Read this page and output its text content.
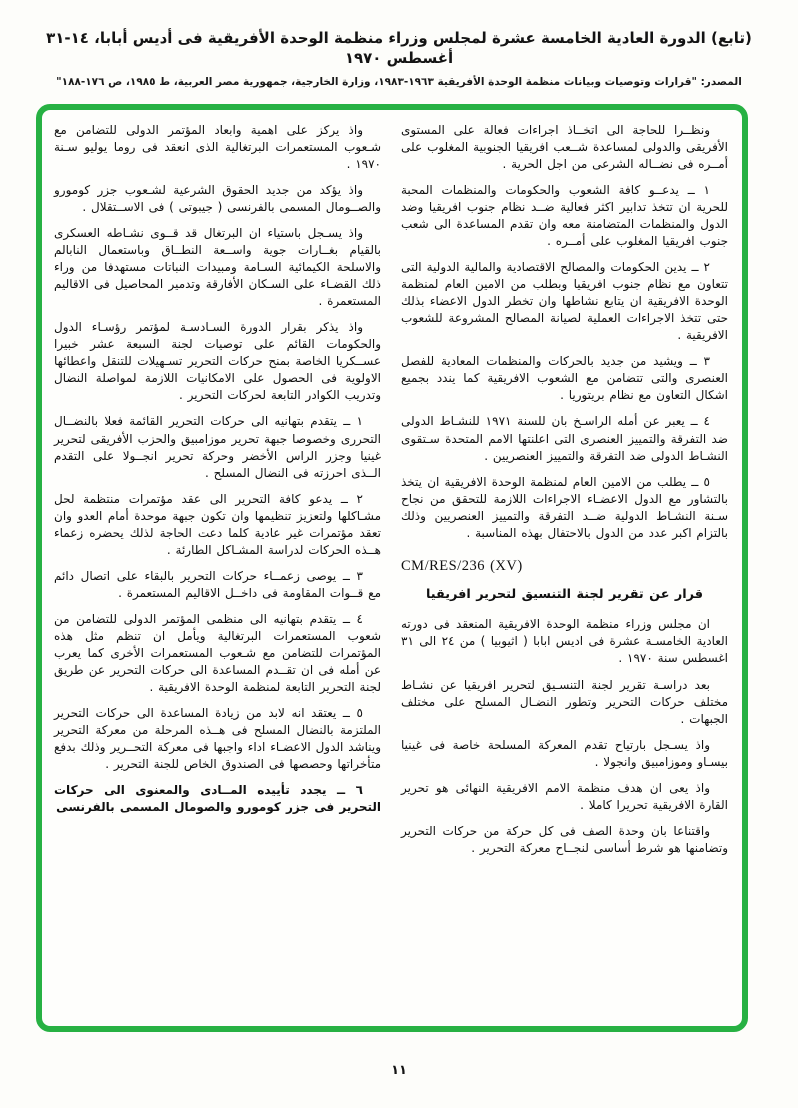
(تابع) الدورة العادية الخامسة عشرة لمجلس وزراء منظمة الوحدة الأفريقية فى أديس أبابا، ١٤-٣١ أغسطس ١٩٧٠
المصدر: "قرارات وتوصيات وبيانات منظمة الوحدة الأفريقية ١٩٦٣-١٩٨٣، وزارة الخارجية، جمهورية مصر العربية، ط ١٩٨٥، ص ١٧٦-١٨٨"

ونظــرا للحاجة الى اتخــاذ اجراءات فعالة على المستوى الأفريقى والدولى لمساعدة شــعب افريقيا الجنوبية المغلوب على أمــره فى نضــاله الشرعى من اجل الحرية .

١ ــ يدعــو كافة الشعوب والحكومات والمنظمات المحبة للحرية ان تتخذ تدابير اكثر فعالية ضــد نظام جنوب افريقيا وضد الدول والمنظمات المتضامنة معه وان تقدم المساعدة الى شعب جنوب افريقيا المغلوب على أمــره .

٢ ــ يدين الحكومات والمصالح الاقتصادية والمالية الدولية التى تتعاون مع نظام جنوب افريقيا وبطلب من الامين العام لمنظمة الوحدة الافريقية ان يتابع نشاطها وان تخطر الدول الاعضاء بذلك حتى تتخذ الاجراءات العملية لصيانة المصالح المشروعة للشعوب الافريقية .

٣ ــ ويشيد من جديد بالحركات والمنظمات المعادية للفصل العنصرى والتى تتضامن مع الشعوب الافريقية كما يندد بجميع اشكال التعاون مع نظام بريتوريا .

٤ ــ يعبر عن أمله الراسـخ بان للسنة ١٩٧١ للنشـاط الدولى ضد التفرقة والتمييز العنصرى التى اعلنتها الامم المتحدة سـتقوى النشـاط الدولى ضد التفرقة والتمييز العنصريين .

٥ ــ يطلب من الامين العام لمنظمة الوحدة الافريقية ان يتخذ بالتشاور مع الدول الاعضـاء الاجراءات اللازمة للتحقق من نجاح سـنة النشـاط الدولية ضــد التفرقة والتمييز العنصريين وذلك بالتزام اكبر عدد من الدول بالاحتفال بهذه المناسبة .

CM/RES/236 (XV)

قرار عن تقرير لجنة التنسيق لتحرير افريقيا

ان مجلس وزراء منظمة الوحدة الافريقية المنعقد فى دورته العادية الخامسـة عشرة فى اديس ابابا ( اثيوبيا ) من ٢٤ الى ٣١ اغسطس سنة ١٩٧٠ .

بعد دراسـة تقرير لجنة التنسـيق لتحرير افريقيا عن نشـاط مختلف حركات التحرير وتطور النضـال المسلح على مختلف الجبهات .

واذ يسـجل بارتياح تقدم المعركة المسلحة خاصة فى غينيا بيسـاو وموزامبيق وانجولا .

واذ يعى ان هدف منظمة الامم الافريقية النهائى هو تحرير القارة الافريقية تحريرا كاملا .

واقتناعا بان وحدة الصف فى كل حركة من حركات التحرير وتضامنها هو شرط أساسى لنجــاح معركة التحرير .

واذ يركز على اهمية وابعاد المؤتمر الدولى للتضامن مع شـعوب المستعمرات البرتغالية الذى انعقد فى روما يوليو سـنة ١٩٧٠ .

واذ يؤكد من جديد الحقوق الشرعية لشـعوب جزر كومورو والصــومال المسمى بالفرنسى ( جيبوتى ) فى الاســتقلال .

واذ يسـجل باستياء ان البرتغال قد قــوى نشـاطه العسكرى بالقيام بغــارات جوية واســعة النطــاق وباستعمال النابالم والاسلحة الكيمائية السـامة ومبيدات النباتات مستهدفا من وراء ذلك القضـاء على السـكان الأفارقة وتدمير المحاصيل فى الاقاليم المستعمرة .

واذ يذكر بقرار الدورة السـادسـة لمؤتمر رؤسـاء الدول والحكومات القائم على توصيات لجنة السبعة عشر خبيرا عســكريا الخاصة بمنح حركات التحرير تسـهيلات للتنقل واعطائها الاولوية فى الحصول على الامكانيات اللازمة لمواصلة النضال وتدريب الكوادر التابعة لحركات التحرير .

١ ــ يتقدم بتهانيه الى حركات التحرير القائمة فعلا بالنضــال التحررى وخصوصا جبهة تحرير موزامبيق والحزب الأفريقى لتحرير غينيا وجزر الراس الأخضر وحركة تحرير انجــولا على التقدم الــذى احرزته فى النضال المسلح .

٢ ــ يدعو كافة التحرير الى عقد مؤتمرات منتظمة لحل مشـاكلها ولتعزيز تنظيمها وان تكون جبهة موحدة أمام العدو وان تعقد مؤتمرات غير عادية كلما دعت الحاجة لذلك يحضره زعماء هــذه الحركات لدراسة المشـاكل الطارئة .

٣ ــ يوصى زعمــاء حركات التحرير بالبقاء على اتصال دائم مع قــوات المقاومة فى داخــل الاقاليم المستعمرة .

٤ ــ يتقدم بتهانيه الى منظمى المؤتمر الدولى للتضامن من شعوب المستعمرات البرتغالية ويأمل ان تنظم مثل هذه المؤتمرات للتضامن مع شـعوب المستعمرات الأخرى كما يعرب عن أمله فى ان تقــدم المساعدة الى حركات التحرير عن طريق لجنة التحرير التابعة لمنظمة الوحدة الافريقية .

٥ ــ يعتقد انه لابد من زيادة المساعدة الى حركات التحرير الملتزمة بالنضال المسلح فى هــذه المرحلة من معركة التحرير ويناشد الدول الاعضـاء اداء واجبها فى معركة التحــرير وذلك بدفع متأخراتها وحصصها فى الصندوق الخاص للجنة التحرير .

٦ ــ يجدد تأييده المــادى والمعنوى الى حركات التحرير فى جزر كومورو والصومال المسمى بالفرنسى

١١
